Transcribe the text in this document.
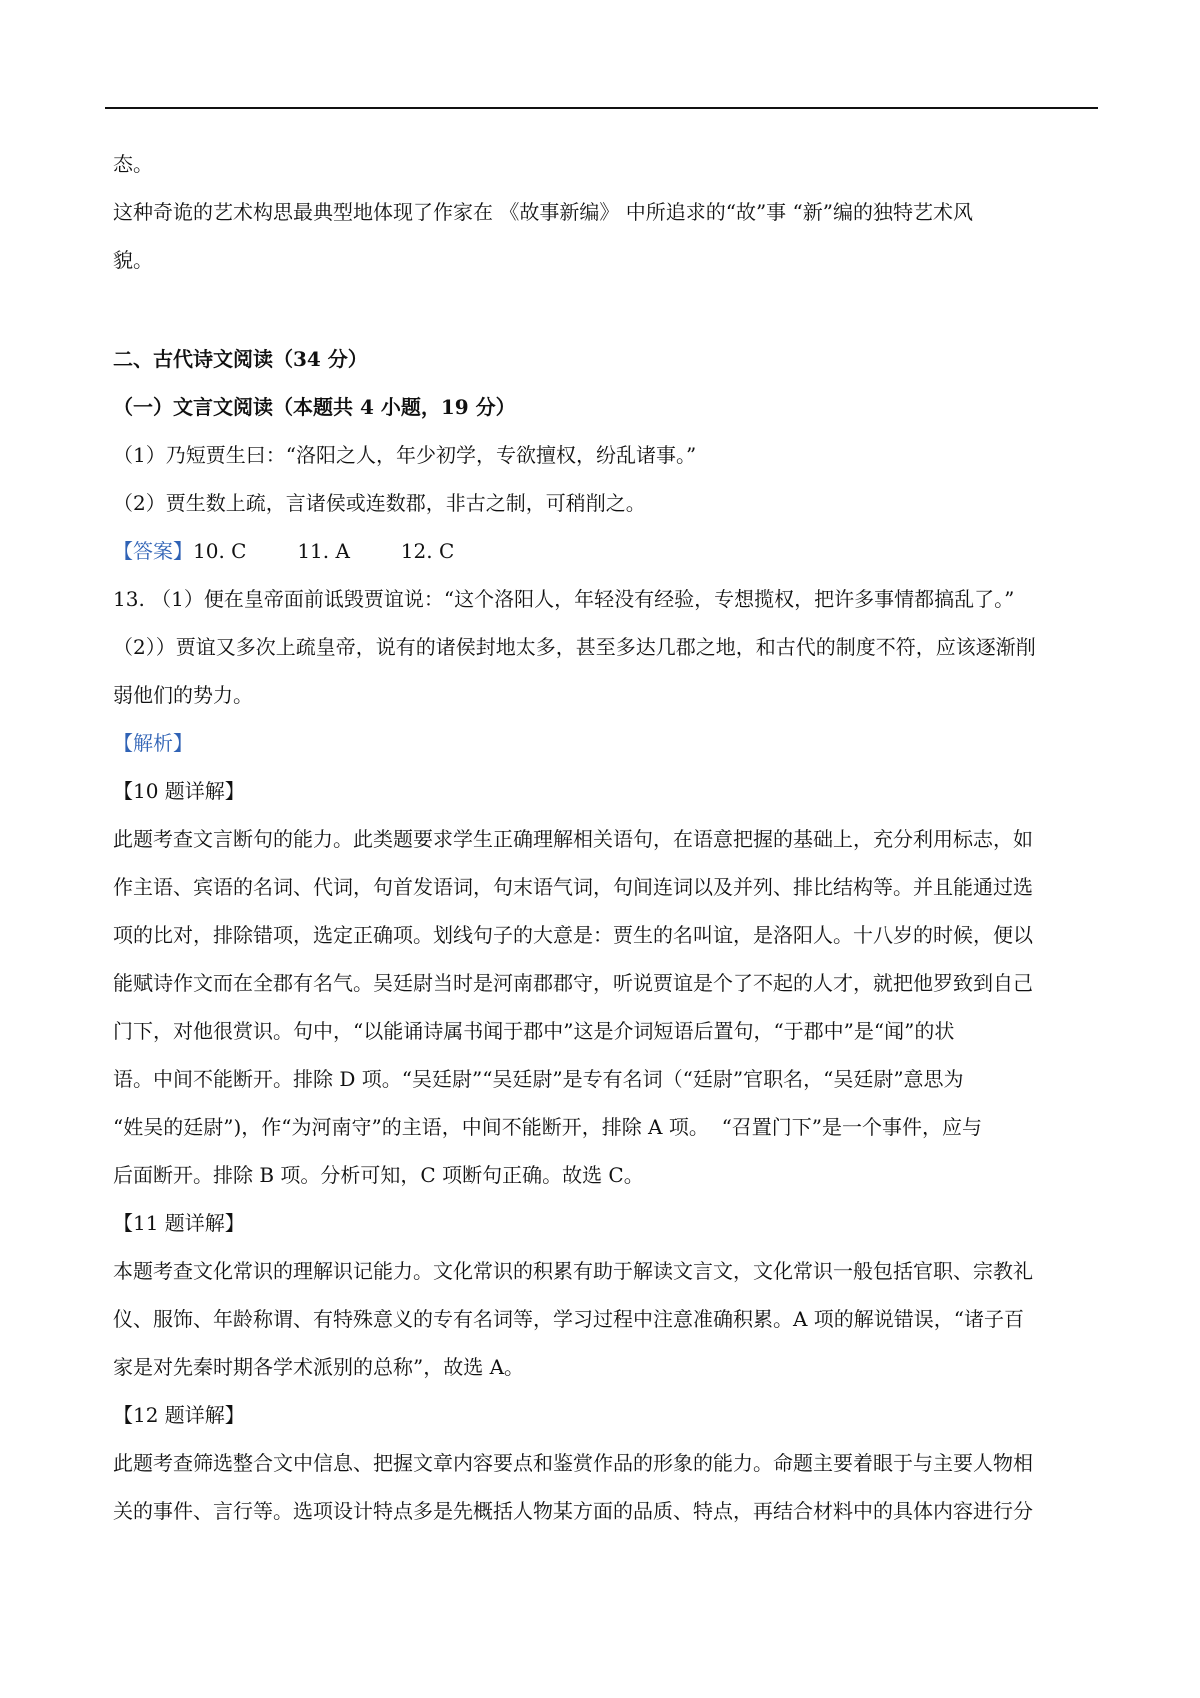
态。
这种奇诡的艺术构思最典型地体现了作家在 《故事新编》 中所追求的“故”事 “新”编的独特艺术风
貌。
二、古代诗文阅读（34 分）
（一）文言文阅读（本题共 4 小题，19 分）
（1）乃短贾生曰：“洛阳之人，年少初学，专欲擅权，纷乱诸事。”
（2）贾生数上疏，言诸侯或连数郡，非古之制，可稍削之。
【答案】10. C        11. A        12. C
13. （1）便在皇帝面前诋毁贾谊说：“这个洛阳人，年轻没有经验，专想揽权，把许多事情都搞乱了。”
（2））贾谊又多次上疏皇帝，说有的诸侯封地太多，甚至多达几郡之地，和古代的制度不符，应该逐渐削
弱他们的势力。
【解析】
【10 题详解】
此题考查文言断句的能力。此类题要求学生正确理解相关语句，在语意把握的基础上，充分利用标志，如
作主语、宾语的名词、代词，句首发语词，句末语气词，句间连词以及并列、排比结构等。并且能通过选
项的比对，排除错项，选定正确项。划线句子的大意是：贾生的名叫谊，是洛阳人。十八岁的时候，便以
能赋诗作文而在全郡有名气。吴廷尉当时是河南郡郡守，听说贾谊是个了不起的人才，就把他罗致到自己
门下，对他很赏识。句中，“以能诵诗属书闻于郡中”这是介词短语后置句，“于郡中”是“闻”的状
语。中间不能断开。排除 D 项。“吴廷尉”“吴廷尉”是专有名词（“廷尉”官职名，“吴廷尉”意思为
“姓吴的廷尉”)，作“为河南守”的主语，中间不能断开，排除 A 项。  “召置门下”是一个事件，应与
后面断开。排除 B 项。分析可知，C 项断句正确。故选 C。
【11 题详解】
本题考查文化常识的理解识记能力。文化常识的积累有助于解读文言文，文化常识一般包括官职、宗教礼
仪、服饰、年龄称谓、有特殊意义的专有名词等，学习过程中注意准确积累。A 项的解说错误，“诸子百
家是对先秦时期各学术派别的总称”，故选 A。
【12 题详解】
此题考查筛选整合文中信息、把握文章内容要点和鉴赏作品的形象的能力。命题主要着眼于与主要人物相
关的事件、言行等。选项设计特点多是先概括人物某方面的品质、特点，再结合材料中的具体内容进行分
